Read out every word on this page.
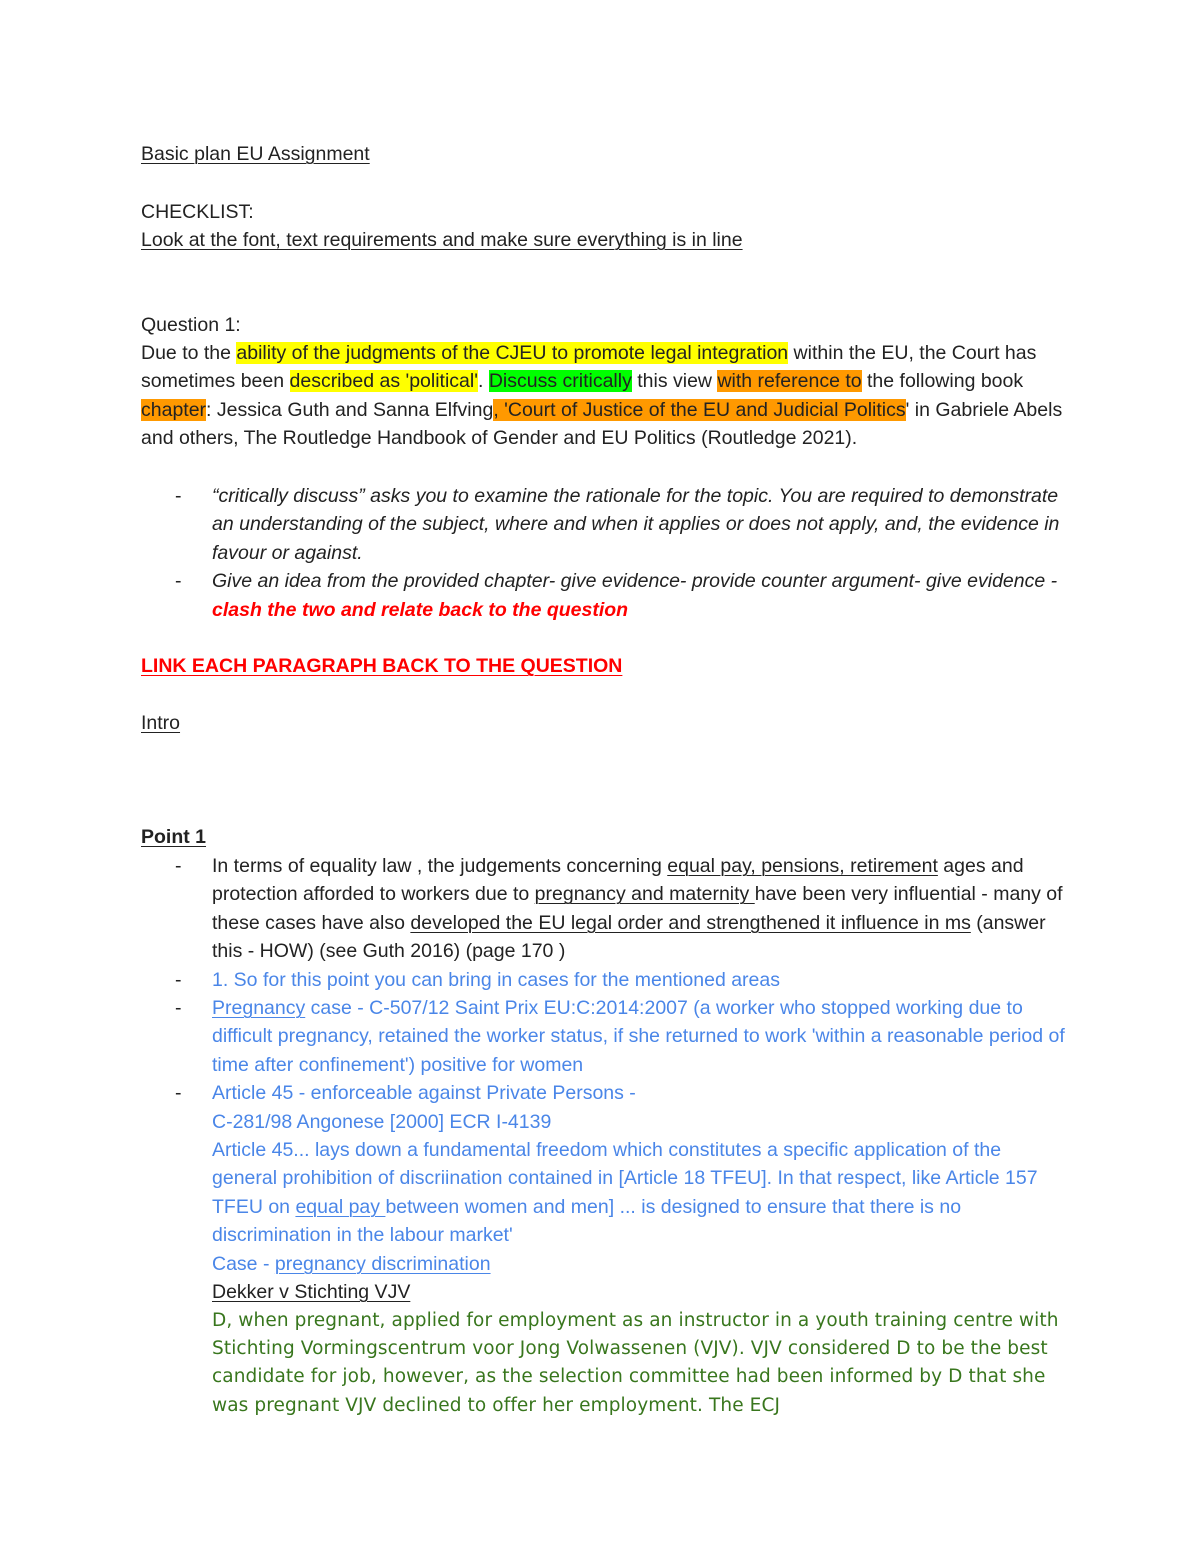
Basic plan EU Assignment

CHECKLIST:

Look at the font, text requirements and make sure everything is in line

Question 1:

Due to the ability of the judgments of the CJEU to promote legal integration within the EU, the Court has sometimes been described as 'political'. Discuss critically this view with reference to the following book chapter: Jessica Guth and Sanna Elfving, 'Court of Justice of the EU and Judicial Politics' in Gabriele Abels and others, The Routledge Handbook of Gender and EU Politics (Routledge 2021).

- “critically discuss” asks you to examine the rationale for the topic. You are required to demonstrate an understanding of the subject, where and when it applies or does not apply, and, the evidence in favour or against.
- Give an idea from the provided chapter- give evidence- provide counter argument- give evidence - clash the two and relate back to the question

LINK EACH PARAGRAPH BACK TO THE QUESTION

Intro

Point 1

- In terms of equality law , the judgements concerning equal pay, pensions, retirement ages and protection afforded to workers due to pregnancy and maternity have been very influential - many of these cases have also developed the EU legal order and strengthened it influence in ms (answer this - HOW) (see Guth 2016) (page 170 )
- 1. So for this point you can bring in cases for the mentioned areas
- Pregnancy case - C-507/12 Saint Prix EU:C:2014:2007 (a worker who stopped working due to difficult pregnancy, retained the worker status, if she returned to work 'within a reasonable period of time after confinement') positive for women
- Article 45 - enforceable against Private Persons -
C-281/98 Angonese [2000] ECR I-4139
Article 45... lays down a fundamental freedom which constitutes a specific application of the general prohibition of discriination contained in [Article 18 TFEU]. In that respect, like Article 157 TFEU on equal pay between women and men] ... is designed to ensure that there is no discrimination in the labour market'
Case - pregnancy discrimination
Dekker v Stichting VJV
D, when pregnant, applied for employment as an instructor in a youth training centre with Stichting Vormingscentrum voor Jong Volwassenen (VJV). VJV considered D to be the best candidate for job, however, as the selection committee had been informed by D that she was pregnant VJV declined to offer her employment. The ECJ
